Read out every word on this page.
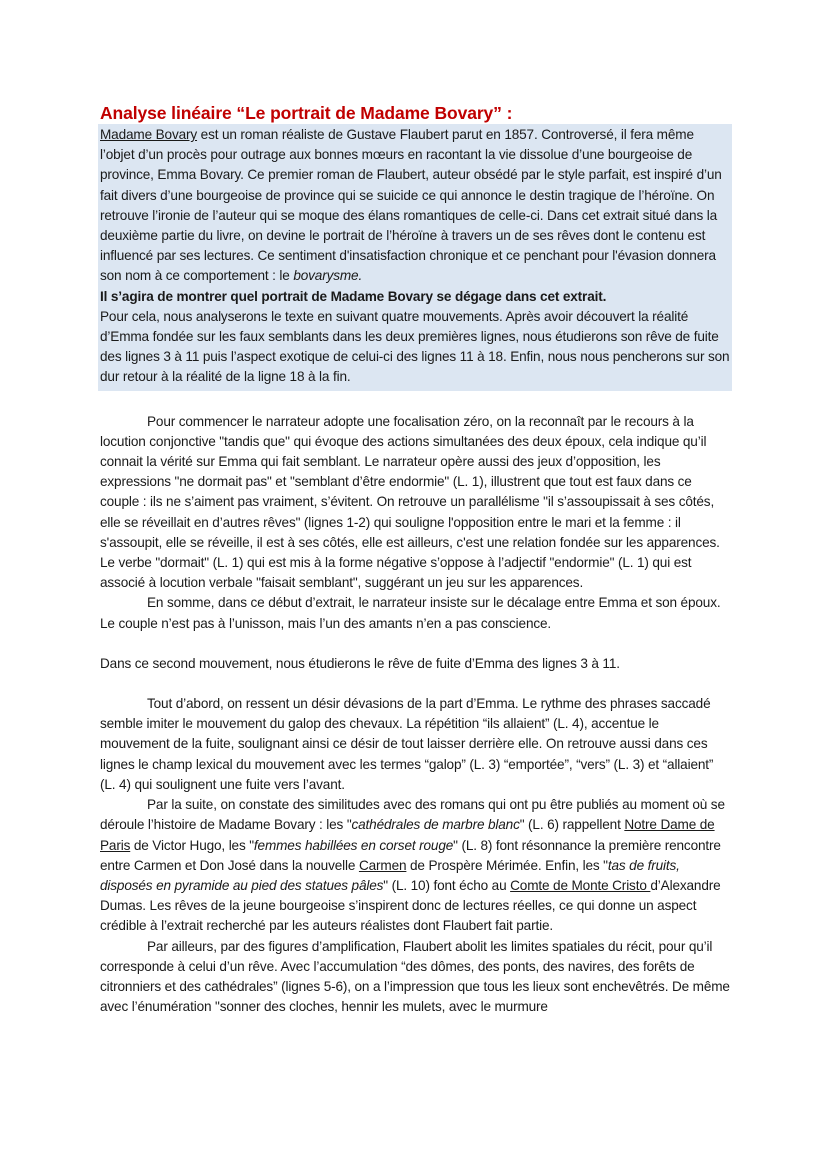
Analyse linéaire “Le portrait de Madame Bovary” :

Madame Bovary est un roman réaliste de Gustave Flaubert parut en 1857. Controversé, il fera même l’objet d’un procès pour outrage aux bonnes mœurs en racontant la vie dissolue d’une bourgeoise de province, Emma Bovary. Ce premier roman de Flaubert, auteur obsédé par le style parfait, est inspiré d’un fait divers d’une bourgeoise de province qui se suicide ce qui annonce le destin tragique de l’héroïne. On retrouve l’ironie de l’auteur qui se moque des élans romantiques de celle-ci. Dans cet extrait situé dans la deuxième partie du livre, on devine le portrait de l’héroïne à travers un de ses rêves dont le contenu est influencé par ses lectures. Ce sentiment d'insatisfaction chronique et ce penchant pour l'évasion donnera son nom à ce comportement : le bovarysme.

Il s’agira de montrer quel portrait de Madame Bovary se dégage dans cet extrait.

Pour cela, nous analyserons le texte en suivant quatre mouvements. Après avoir découvert la réalité d’Emma fondée sur les faux semblants dans les deux premières lignes, nous étudierons son rêve de fuite des lignes 3 à 11 puis l’aspect exotique de celui-ci des lignes 11 à 18. Enfin, nous nous pencherons sur son dur retour à la réalité de la ligne 18 à la fin.

Pour commencer le narrateur adopte une focalisation zéro, on la reconnaît par le recours à la locution conjonctive "tandis que" qui évoque des actions simultanées des deux époux, cela indique qu’il connait la vérité sur Emma qui fait semblant. Le narrateur opère aussi des jeux d’opposition, les expressions "ne dormait pas" et "semblant d’être endormie" (L. 1), illustrent que tout est faux dans ce couple : ils ne s’aiment pas vraiment, s’évitent. On retrouve un parallélisme "il s’assoupissait à ses côtés, elle se réveillait en d’autres rêves" (lignes 1-2) qui souligne l'opposition entre le mari et la femme : il s'assoupit, elle se réveille, il est à ses côtés, elle est ailleurs, c'est une relation fondée sur les apparences. Le verbe "dormait" (L. 1) qui est mis à la forme négative s’oppose à l’adjectif "endormie" (L. 1) qui est associé à locution verbale "faisait semblant", suggérant un jeu sur les apparences.

En somme, dans ce début d’extrait, le narrateur insiste sur le décalage entre Emma et son époux. Le couple n’est pas à l’unisson, mais l’un des amants n’en a pas conscience.

Dans ce second mouvement, nous étudierons le rêve de fuite d’Emma des lignes 3 à 11.

Tout d’abord, on ressent un désir dévasions de la part d’Emma. Le rythme des phrases saccadé semble imiter le mouvement du galop des chevaux. La répétition “ils allaient” (L. 4), accentue le mouvement de la fuite, soulignant ainsi ce désir de tout laisser derrière elle. On retrouve aussi dans ces lignes le champ lexical du mouvement avec les termes “galop” (L. 3) “emportée”, “vers” (L. 3) et “allaient” (L. 4) qui soulignent une fuite vers l’avant.

Par la suite, on constate des similitudes avec des romans qui ont pu être publiés au moment où se déroule l’histoire de Madame Bovary : les "cathédrales de marbre blanc" (L. 6) rappellent Notre Dame de Paris de Victor Hugo, les "femmes habillées en corset rouge" (L. 8) font résonnance la première rencontre entre Carmen et Don José dans la nouvelle Carmen de Prospère Mérimée. Enfin, les "tas de fruits, disposés en pyramide au pied des statues pâles" (L. 10) font écho au Comte de Monte Cristo d’Alexandre Dumas. Les rêves de la jeune bourgeoise s’inspirent donc de lectures réelles, ce qui donne un aspect crédible à l’extrait recherché par les auteurs réalistes dont Flaubert fait partie.

Par ailleurs, par des figures d’amplification, Flaubert abolit les limites spatiales du récit, pour qu’il corresponde à celui d’un rêve. Avec l’accumulation “des dômes, des ponts, des navires, des forêts de citronniers et des cathédrales” (lignes 5-6), on a l’impression que tous les lieux sont enchevêtrés. De même avec l’énumération "sonner des cloches, hennir les mulets, avec le murmure
